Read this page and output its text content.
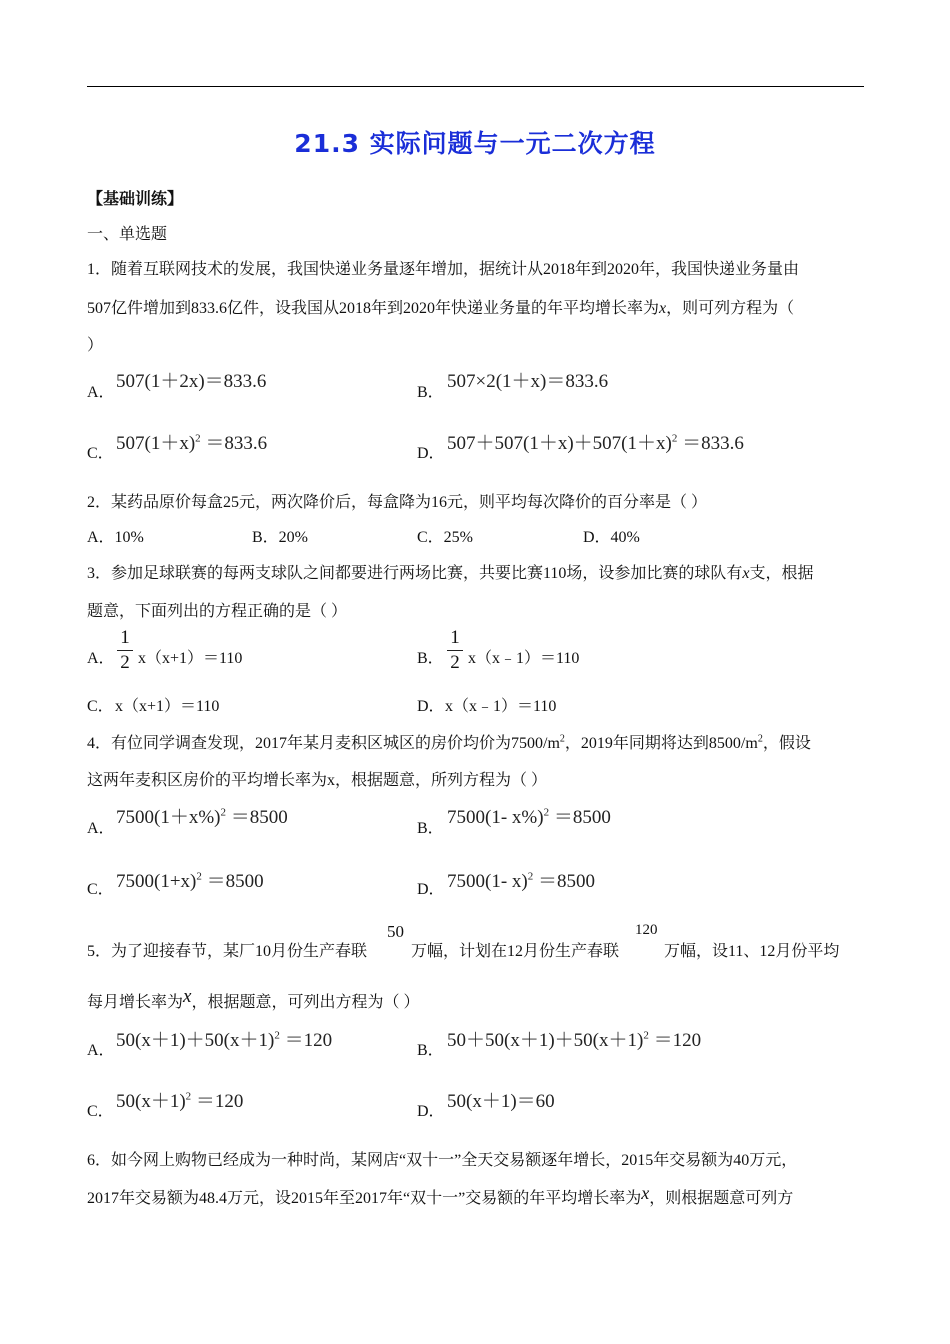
21.3 实际问题与一元二次方程
【基础训练】
一、单选题
1．随着互联网技术的发展，我国快递业务量逐年增加，据统计从2018年到2020年，我国快递业务量由
507亿件增加到833.6亿件，设我国从2018年到2020年快递业务量的年平均增长率为x，则可列方程为（
）
A．
507(1＋2x)＝833.6
B．
507×2(1＋x)＝833.6
C． $507(1+x)^2 =833.6$	D． $507+507(1+x)+507(1+x)^2 =833.6$
2．某药品原价每盒25元，两次降价后，每盒降为16元，则平均每次降价的百分率是（ ）
A．10%	B．20%	C．25%	D．40%
3．参加足球联赛的每两支球队之间都要进行两场比赛，共要比赛110场，设参加比赛的球队有x支，根据
题意，下面列出的方程正确的是（ ）
A．
1
2 x（x+1）＝110	B．
1
2 x（x﹣1）＝110
C． x（x+1）＝110	D． x（x﹣1）＝110
4．有位同学调查发现，2017年某月麦积区城区的房价均价为$7500/m^2$，2019年同期将达到$8500/m^2$，假设
这两年麦积区房价的平均增长率为x，根据题意，所列方程为（ ）
A．
$7500(1+x\%)^2 =8500$
B．
7500(1- x%)$^2$ ＝8500
C． $7500(1+x)^2 =8500$	D． 7500(1- x)$^2$ ＝8500
5．为了迎接春节，某厂10月份生产春联
50
万幅，计划在12月份生产春联
120
万幅，设11、12月份平均
每月增长率为x，根据题意，可列出方程为（ ）
A． $50(x+1)+50(x+1)^2 =120$	B． $50+50(x+1)+50(x+1)^2 =120$
C． $50(x+1)^2 =120$	D． 50(x＋1)＝60
6．如今网上购物已经成为一种时尚，某网店“双十一”全天交易额逐年增长，2015年交易额为40万元，
2017年交易额为48.4万元，设2015年至2017年“双十一”交易额的年平均增长率为x，则根据题意可列方
